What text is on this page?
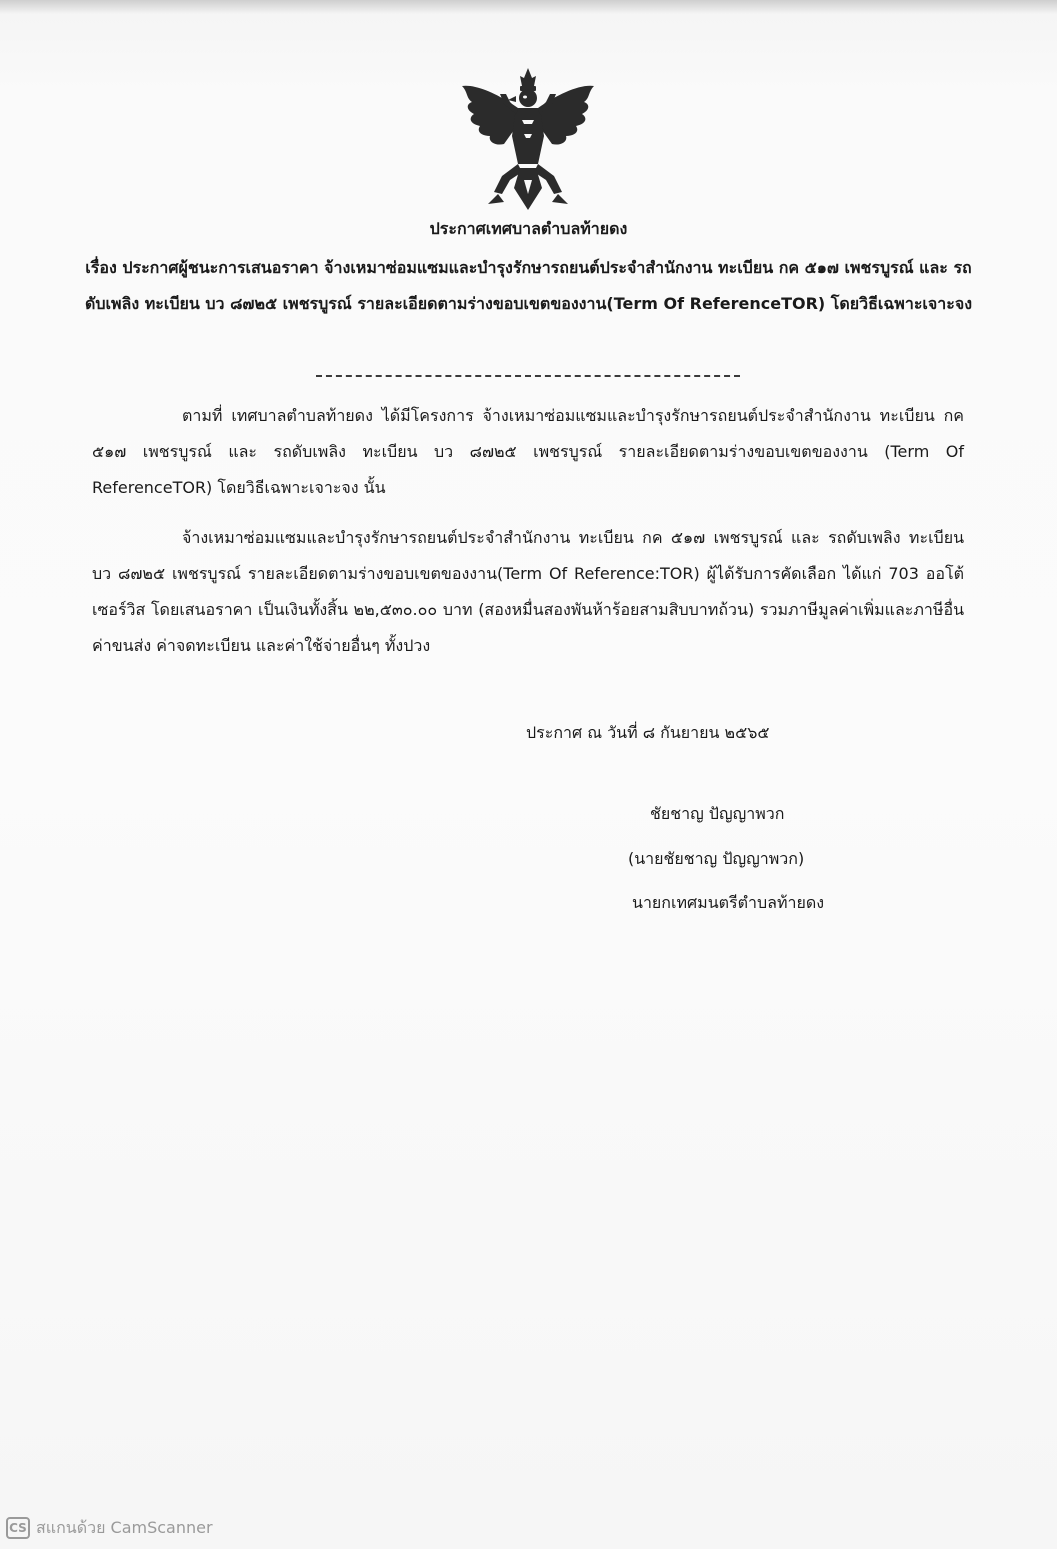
ประกาศเทศบาลตำบลท้ายดง
เรื่อง ประกาศผู้ชนะการเสนอราคา จ้างเหมาซ่อมแซมและบำรุงรักษารถยนต์ประจำสำนักงาน ทะเบียน กค ๕๑๗ เพชรบูรณ์ และ รถดับเพลิง ทะเบียน บว ๘๗๒๕ เพชรบูรณ์ รายละเอียดตามร่างขอบเขตของงาน(Term Of ReferenceTOR) โดยวิธีเฉพาะเจาะจง
ตามที่ เทศบาลตำบลท้ายดง ได้มีโครงการ จ้างเหมาซ่อมแซมและบำรุงรักษารถยนต์ประจำสำนักงาน ทะเบียน กค ๕๑๗ เพชรบูรณ์ และ รถดับเพลิง ทะเบียน บว ๘๗๒๕ เพชรบูรณ์ รายละเอียดตามร่างขอบเขตของงาน (Term Of ReferenceTOR) โดยวิธีเฉพาะเจาะจง นั้น
จ้างเหมาซ่อมแซมและบำรุงรักษารถยนต์ประจำสำนักงาน ทะเบียน กค ๕๑๗ เพชรบูรณ์ และ รถดับเพลิง ทะเบียน บว ๘๗๒๕ เพชรบูรณ์ รายละเอียดตามร่างขอบเขตของงาน(Term Of Reference:TOR) ผู้ได้รับการคัดเลือก ได้แก่ 703 ออโต้เซอร์วิส โดยเสนอราคา เป็นเงินทั้งสิ้น ๒๒,๕๓๐.๐๐ บาท (สองหมื่นสองพันห้าร้อยสามสิบบาทถ้วน) รวมภาษีมูลค่าเพิ่มและภาษีอื่น ค่าขนส่ง ค่าจดทะเบียน และค่าใช้จ่ายอื่นๆ ทั้งปวง
ประกาศ ณ วันที่ ๘ กันยายน ๒๕๖๕
ชัยชาญ ปัญญาพวก
(นายชัยชาญ ปัญญาพวก)
นายกเทศมนตรีตำบลท้ายดง
CS สแกนด้วย CamScanner
